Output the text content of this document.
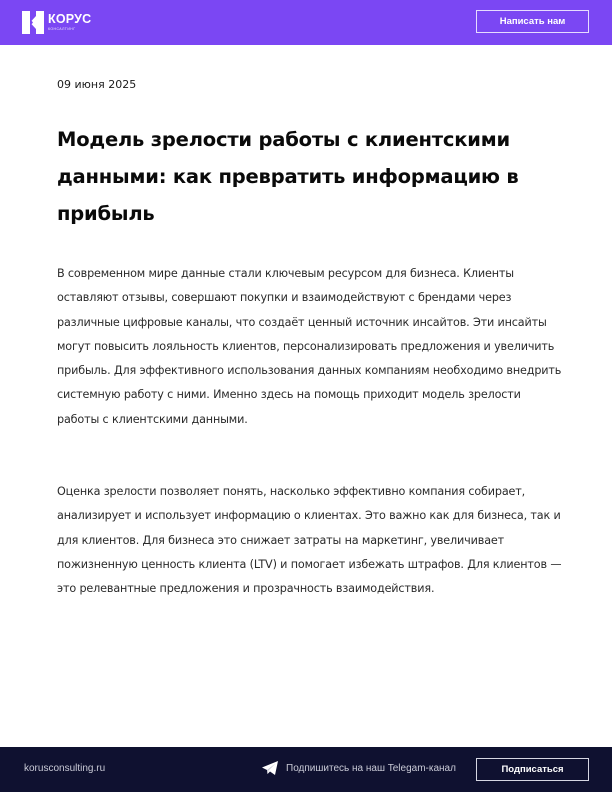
КОРУС
КОНСАЛТИНГ
Написать нам
09 июня 2025
Модель зрелости работы с клиентскими данными: как превратить информацию в прибыль

В современном мире данные стали ключевым ресурсом для бизнеса. Клиенты оставляют отзывы, совершают покупки и взаимодействуют с брендами через различные цифровые каналы, что создаёт ценный источник инсайтов. Эти инсайты могут повысить лояльность клиентов, персонализировать предложения и увеличить прибыль. Для эффективного использования данных компаниям необходимо внедрить системную работу с ними. Именно здесь на помощь приходит модель зрелости работы с клиентскими данными.

Оценка зрелости позволяет понять, насколько эффективно компания собирает, анализирует и использует информацию о клиентах. Это важно как для бизнеса, так и для клиентов. Для бизнеса это снижает затраты на маркетинг, увеличивает пожизненную ценность клиента (LTV) и помогает избежать штрафов. Для клиентов — это релевантные предложения и прозрачность взаимодействия.

korusconsulting.ru	Подпишитесь на наш Telegam-канал	Подписаться
